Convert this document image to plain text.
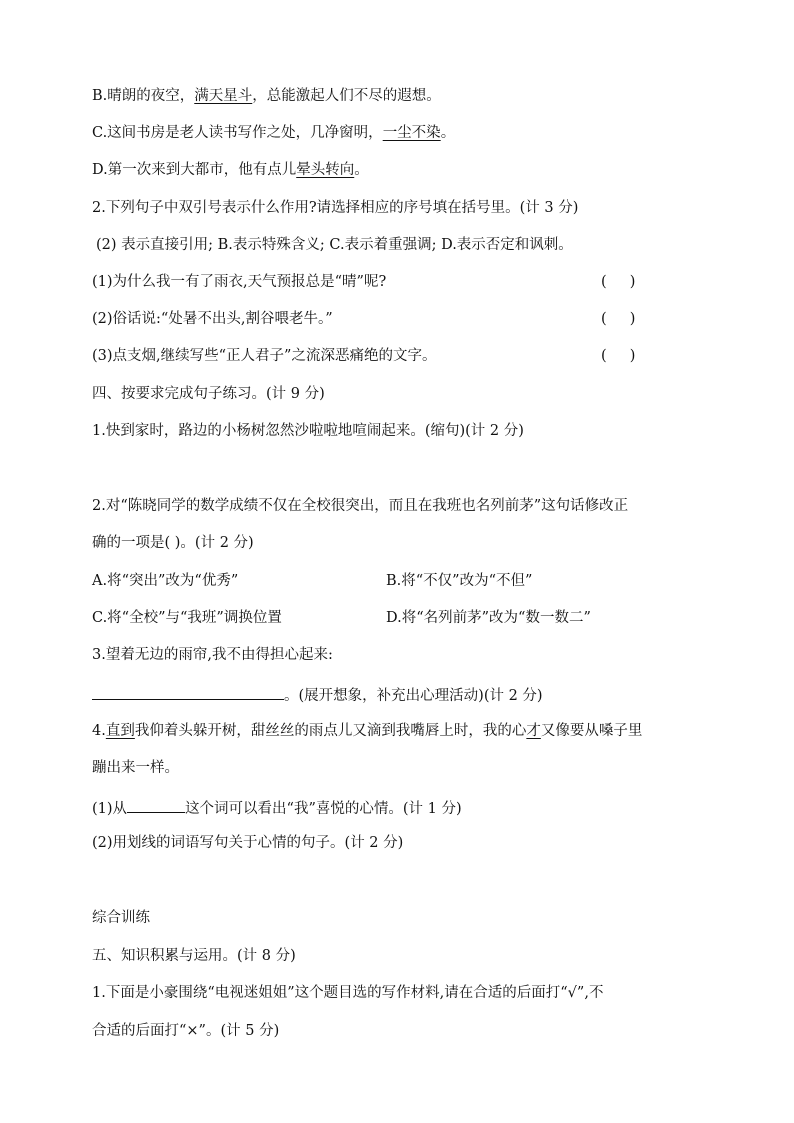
B.晴朗的夜空，满天星斗，总能激起人们不尽的遐想。
C.这间书房是老人读书写作之处，几净窗明，一尘不染。
D.第一次来到大都市，他有点儿晕头转向。
2.下列句子中双引号表示什么作用?请选择相应的序号填在括号里。(计 3 分)
(2) 表示直接引用; B.表示特殊含义; C.表示着重强调; D.表示否定和讽刺。
(1)为什么我一有了雨衣,天气预报总是“晴”呢?	(     )
(2)俗话说:“处暑不出头,割谷喂老牛。”	(     )
(3)点支烟,继续写些“正人君子”之流深恶痛绝的文字。	(     )
四、按要求完成句子练习。(计 9 分)
1.快到家时，路边的小杨树忽然沙啦啦地喧闹起来。(缩句)(计 2 分)
2.对“陈晓同学的数学成绩不仅在全校很突出，而且在我班也名列前茅”这句话修改正
确的一项是( )。(计 2 分)
A.将“突出”改为“优秀”	B.将“不仅”改为“不但”
C.将“全校”与“我班”调换位置	D.将“名列前茅”改为“数一数二”
3.望着无边的雨帘,我不由得担心起来:
。(展开想象，补充出心理活动)(计 2 分)
4.直到我仰着头躲开树，甜丝丝的雨点儿又滴到我嘴唇上时，我的心才又像要从嗓子里
蹦出来一样。
(1)从	这个词可以看出“我”喜悦的心情。(计 1 分)
(2)用划线的词语写句关于心情的句子。(计 2 分)
综合训练
五、知识积累与运用。(计 8 分)
1.下面是小豪围绕“电视迷姐姐”这个题目选的写作材料,请在合适的后面打“√”,不
合适的后面打“×”。(计 5 分)
